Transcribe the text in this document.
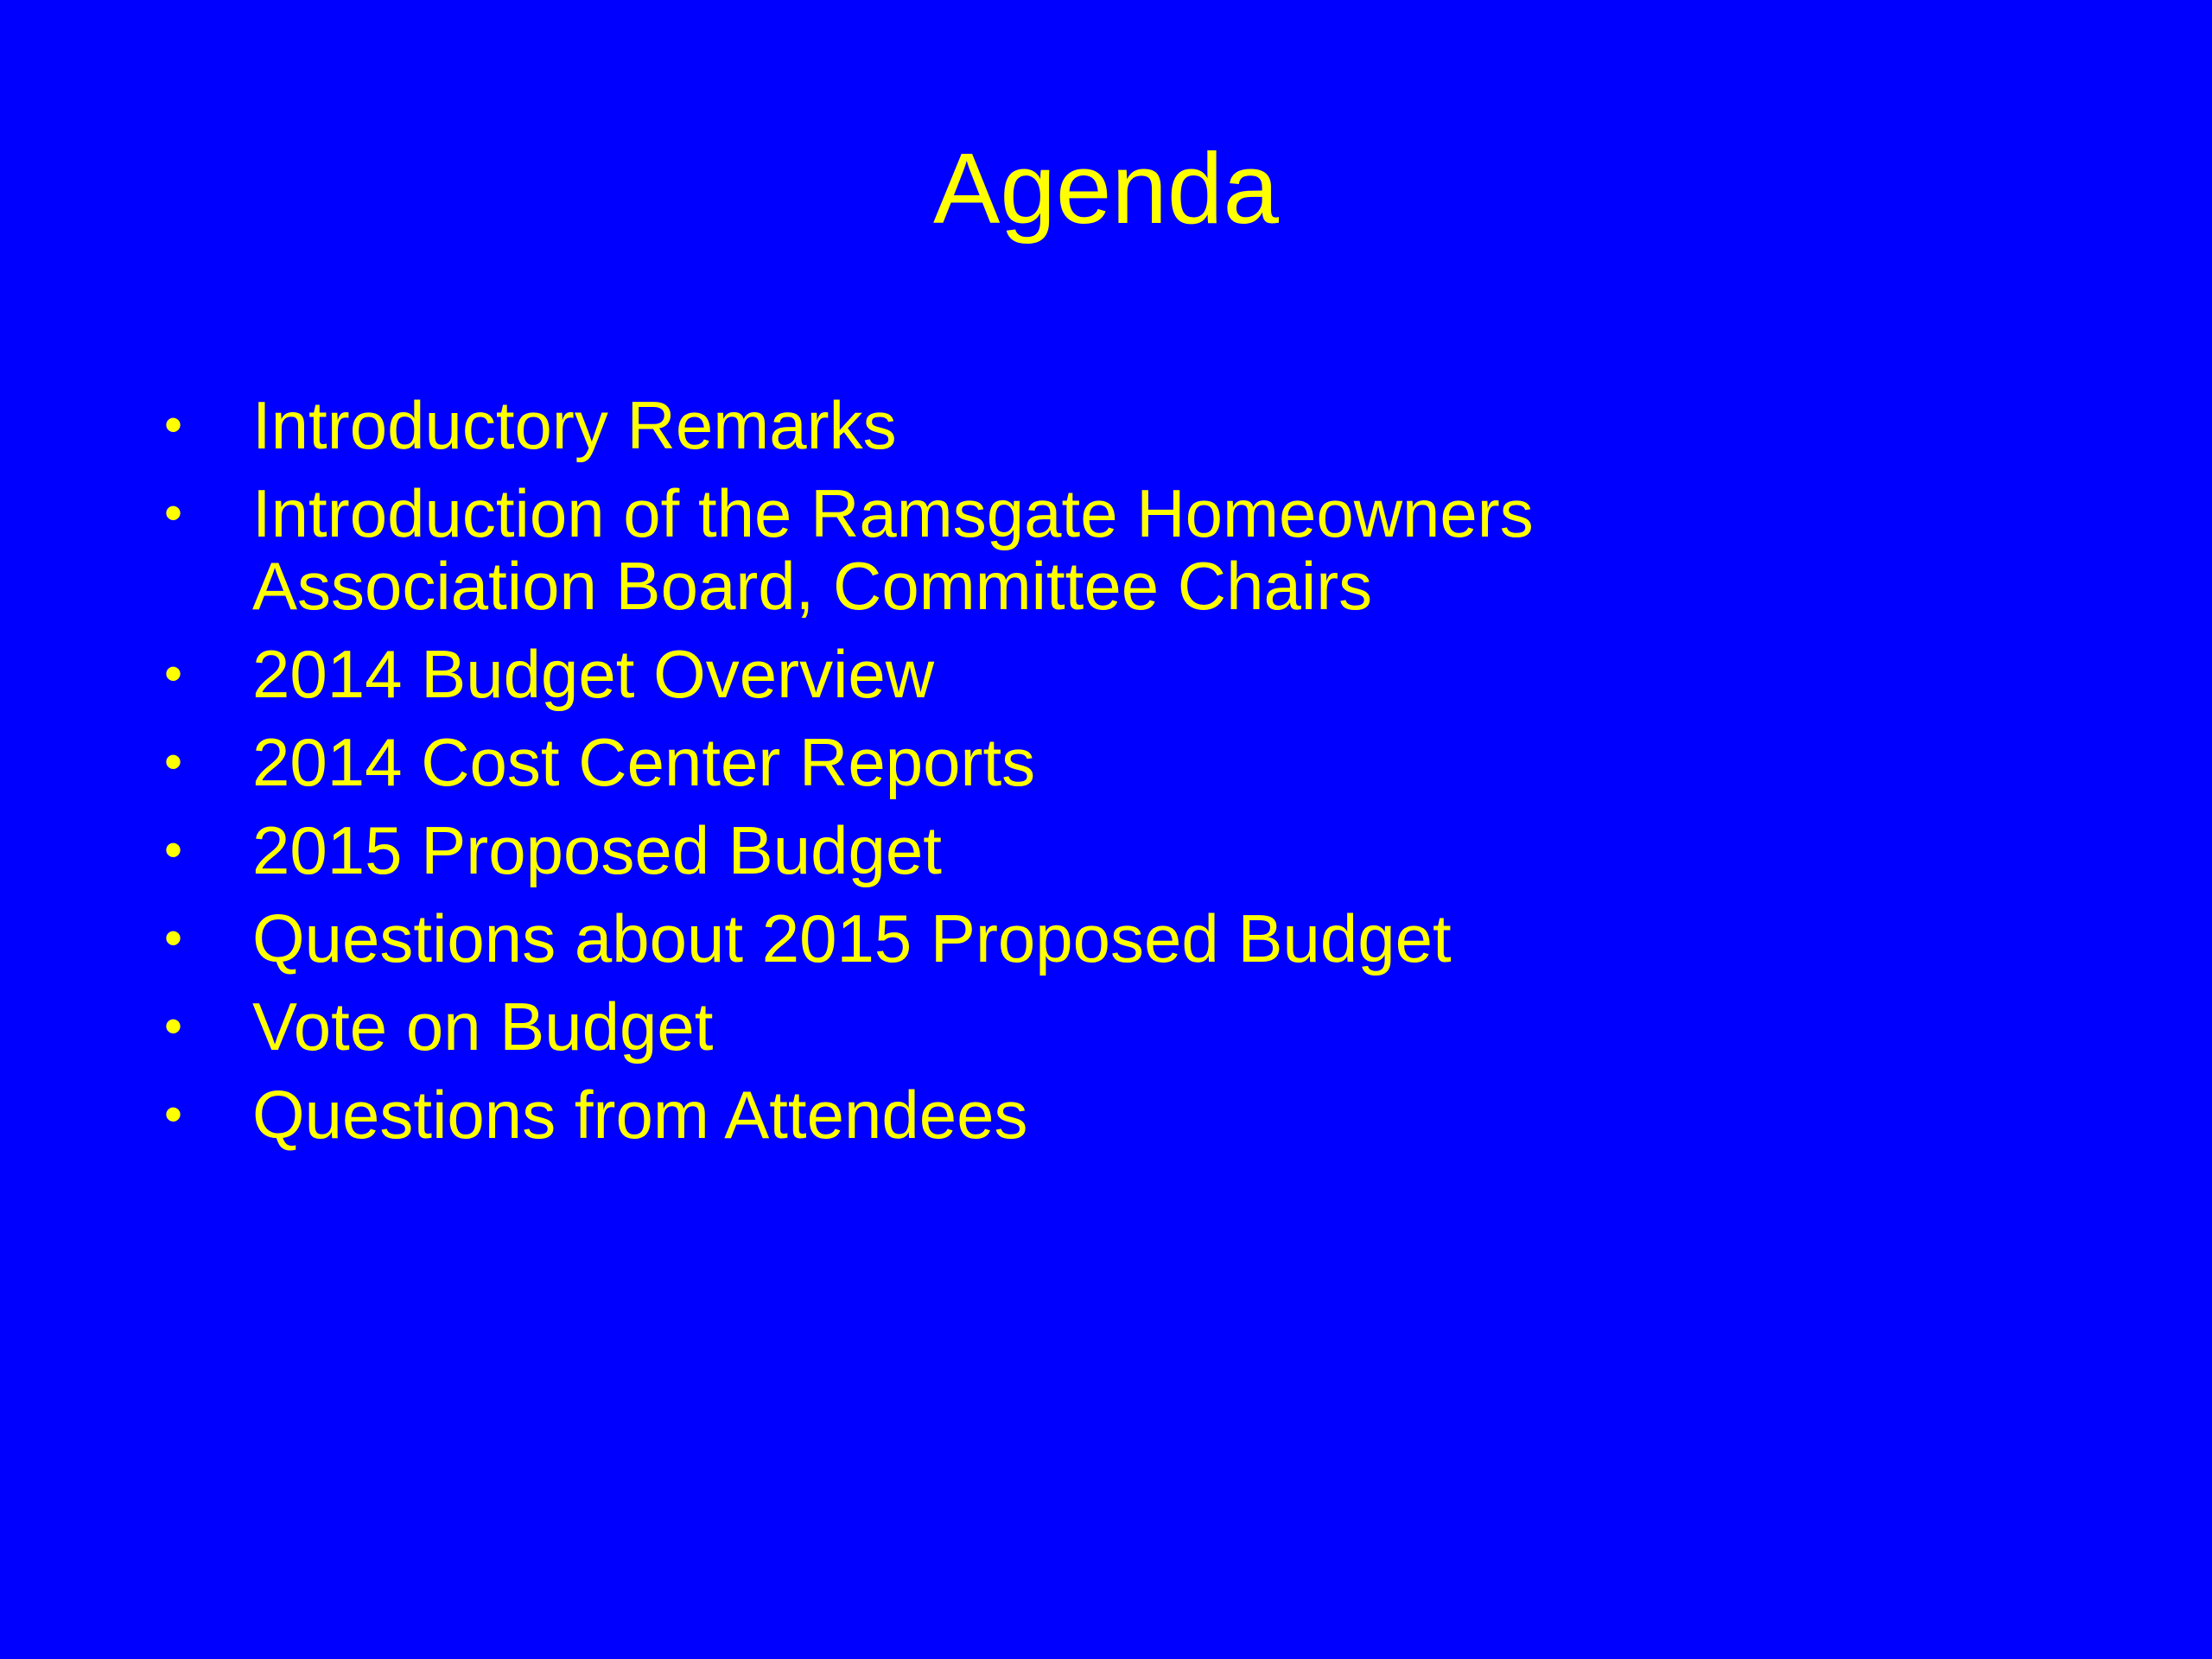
Agenda
• Introductory Remarks
• Introduction of the Ramsgate Homeowners Association Board, Committee Chairs
• 2014 Budget Overview
• 2014 Cost Center Reports
• 2015 Proposed Budget
• Questions about 2015 Proposed Budget
• Vote on Budget
• Questions from Attendees
